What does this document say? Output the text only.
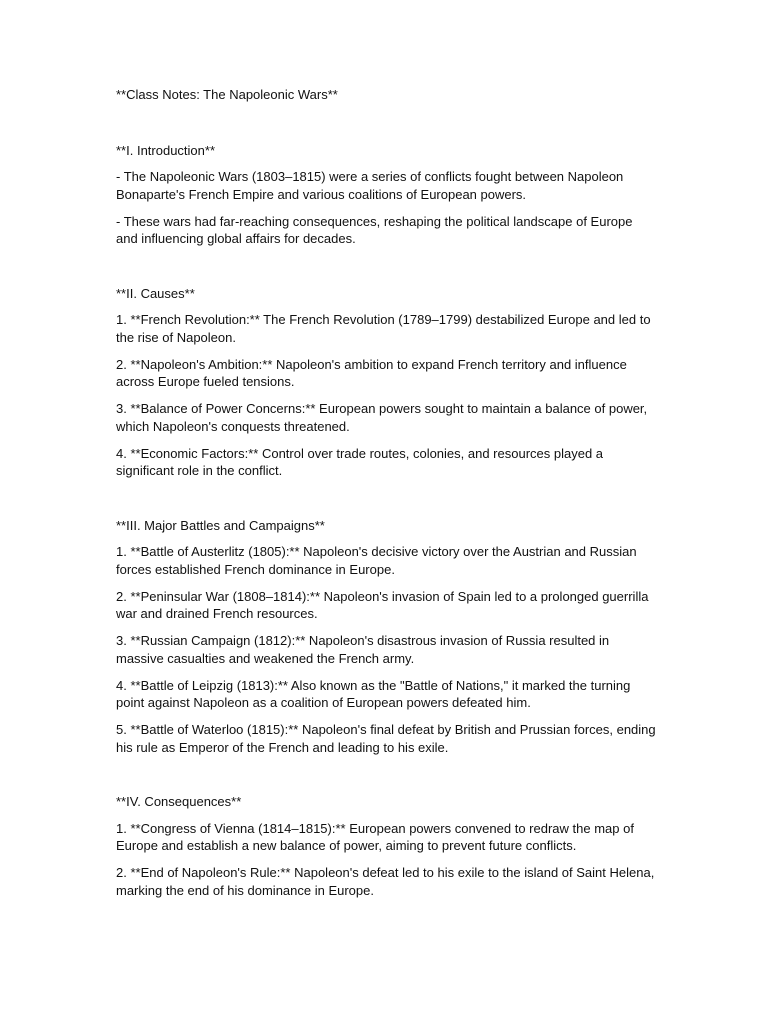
**Class Notes: The Napoleonic Wars**

**I. Introduction**

- The Napoleonic Wars (1803–1815) were a series of conflicts fought between Napoleon Bonaparte's French Empire and various coalitions of European powers.

- These wars had far-reaching consequences, reshaping the political landscape of Europe and influencing global affairs for decades.

**II. Causes**

1. **French Revolution:** The French Revolution (1789–1799) destabilized Europe and led to the rise of Napoleon.

2. **Napoleon's Ambition:** Napoleon's ambition to expand French territory and influence across Europe fueled tensions.

3. **Balance of Power Concerns:** European powers sought to maintain a balance of power, which Napoleon's conquests threatened.

4. **Economic Factors:** Control over trade routes, colonies, and resources played a significant role in the conflict.

**III. Major Battles and Campaigns**

1. **Battle of Austerlitz (1805):** Napoleon's decisive victory over the Austrian and Russian forces established French dominance in Europe.

2. **Peninsular War (1808–1814):** Napoleon's invasion of Spain led to a prolonged guerrilla war and drained French resources.

3. **Russian Campaign (1812):** Napoleon's disastrous invasion of Russia resulted in massive casualties and weakened the French army.

4. **Battle of Leipzig (1813):** Also known as the "Battle of Nations," it marked the turning point against Napoleon as a coalition of European powers defeated him.

5. **Battle of Waterloo (1815):** Napoleon's final defeat by British and Prussian forces, ending his rule as Emperor of the French and leading to his exile.

**IV. Consequences**

1. **Congress of Vienna (1814–1815):** European powers convened to redraw the map of Europe and establish a new balance of power, aiming to prevent future conflicts.

2. **End of Napoleon's Rule:** Napoleon's defeat led to his exile to the island of Saint Helena, marking the end of his dominance in Europe.
